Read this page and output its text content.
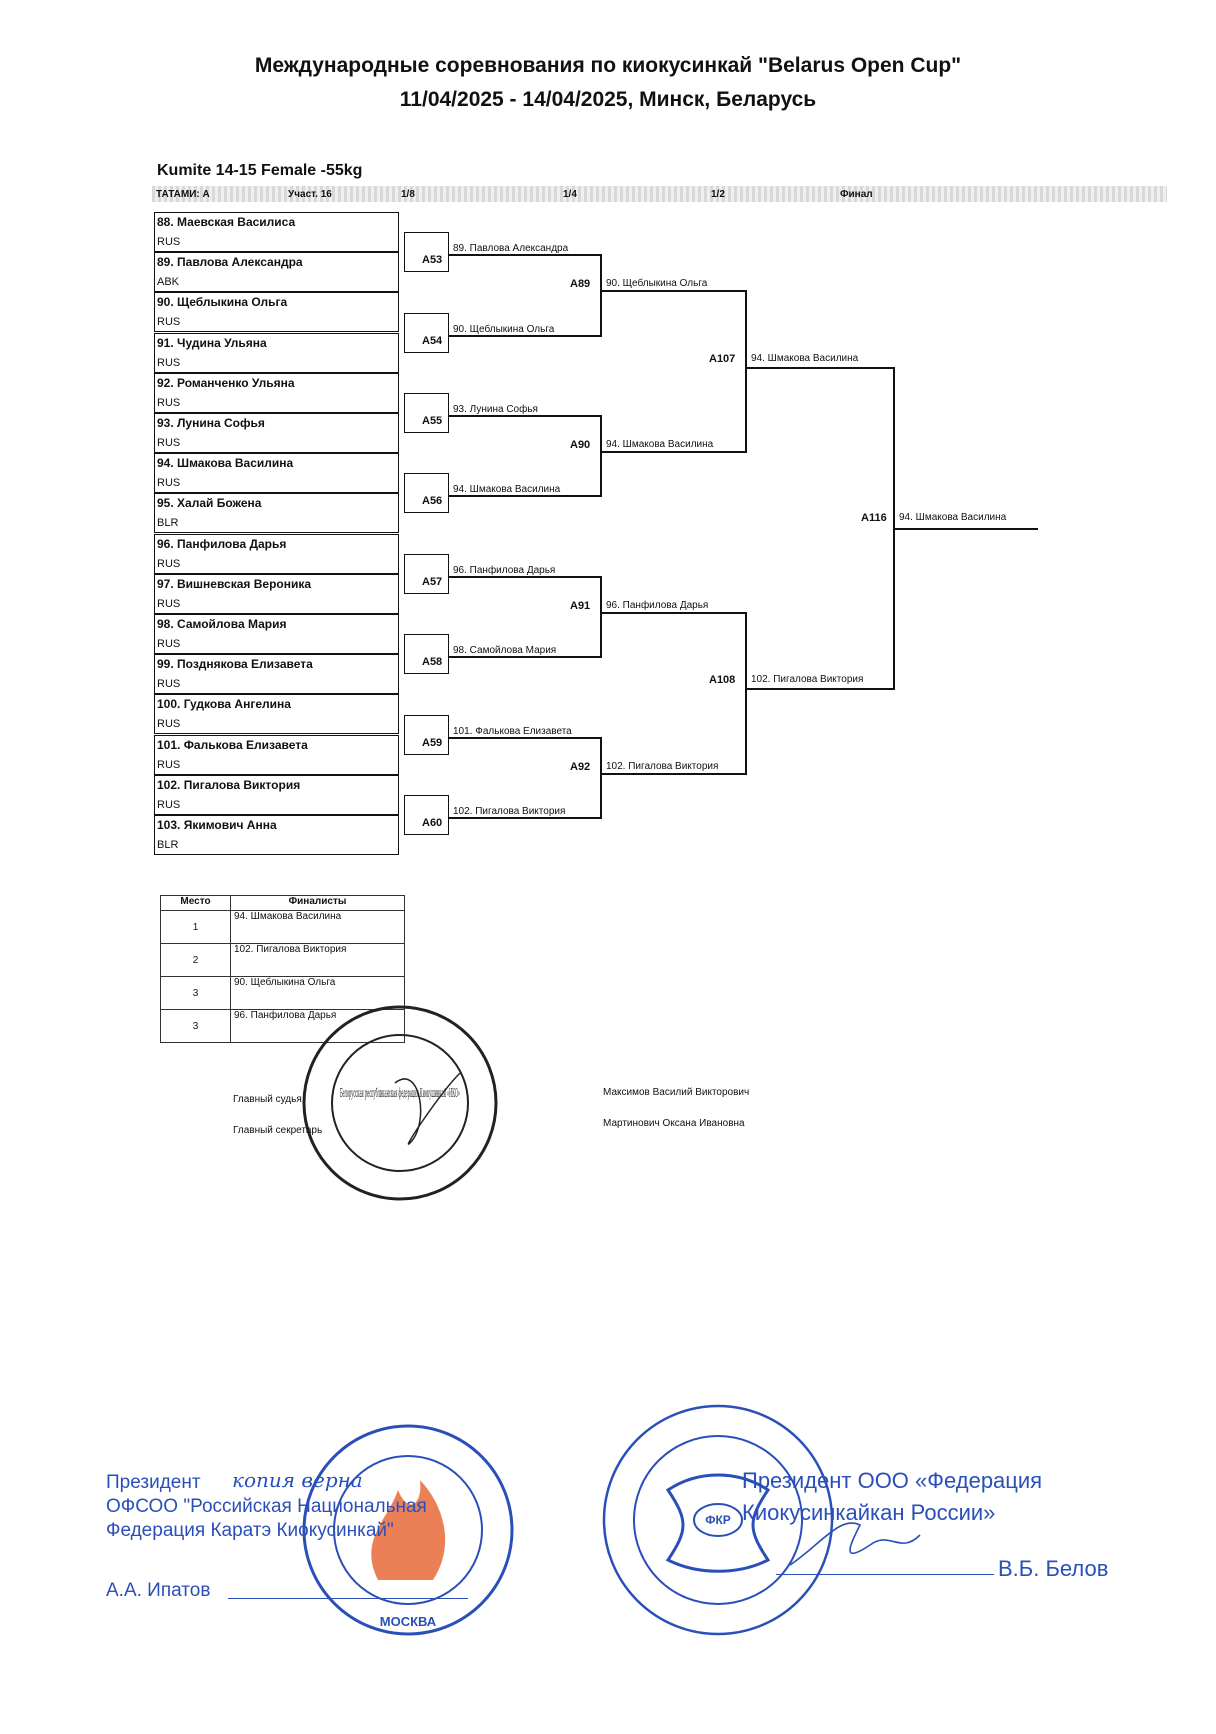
Международные соревнования по киокусинкай "Belarus Open Cup"
11/04/2025 - 14/04/2025, Минск, Беларусь
Kumite 14-15 Female -55kg
ТАТАМИ: А	Участ. 16	1/8	1/4	1/2	Финал
88. Маевская Василиса
RUS
89. Павлова Александра
ABK
90. Щеблыкина Ольга
RUS
91. Чудина Ульяна
RUS
92. Романченко Ульяна
RUS
93. Лунина Софья
RUS
94. Шмакова Василина
RUS
95. Халай Божена
BLR
96. Панфилова Дарья
RUS
97. Вишневская Вероника
RUS
98. Самойлова Мария
RUS
99. Позднякова Елизавета
RUS
100. Гудкова Ангелина
RUS
101. Фалькова Елизавета
RUS
102. Пигалова Виктория
RUS
103. Якимович Анна
BLR
A53
89. Павлова Александра
A54
90. Щеблыкина Ольга
A55
93. Лунина Софья
A56
94. Шмакова Василина
A57
96. Панфилова Дарья
A58
98. Самойлова Мария
A59
101. Фалькова Елизавета
A60
102. Пигалова Виктория
A89 90. Щеблыкина Ольга
A90 94. Шмакова Василина
A91 96. Панфилова Дарья
A92 102. Пигалова Виктория
A107 94. Шмакова Василина
A108 102. Пигалова Виктория
A116 94. Шмакова Василина
Место	Финалисты
1	94. Шмакова Василина
2	102. Пигалова Виктория
3	90. Щеблыкина Ольга
3	96. Панфилова Дарья
Белорусская республиканская федерация Киокушинкай «ИКО»
Главный судья
Главный секретарь
Максимов Василий Викторович
Мартинович Оксана Ивановна
МОСКВА
Президент
ОФСОО "Российская Национальная
Федерация Каратэ Киокусинкай"
копия верна
А.А. Ипатов
ФКР
Президент ООО «Федерация
Киокусинкайкан России»
В.Б. Белов
